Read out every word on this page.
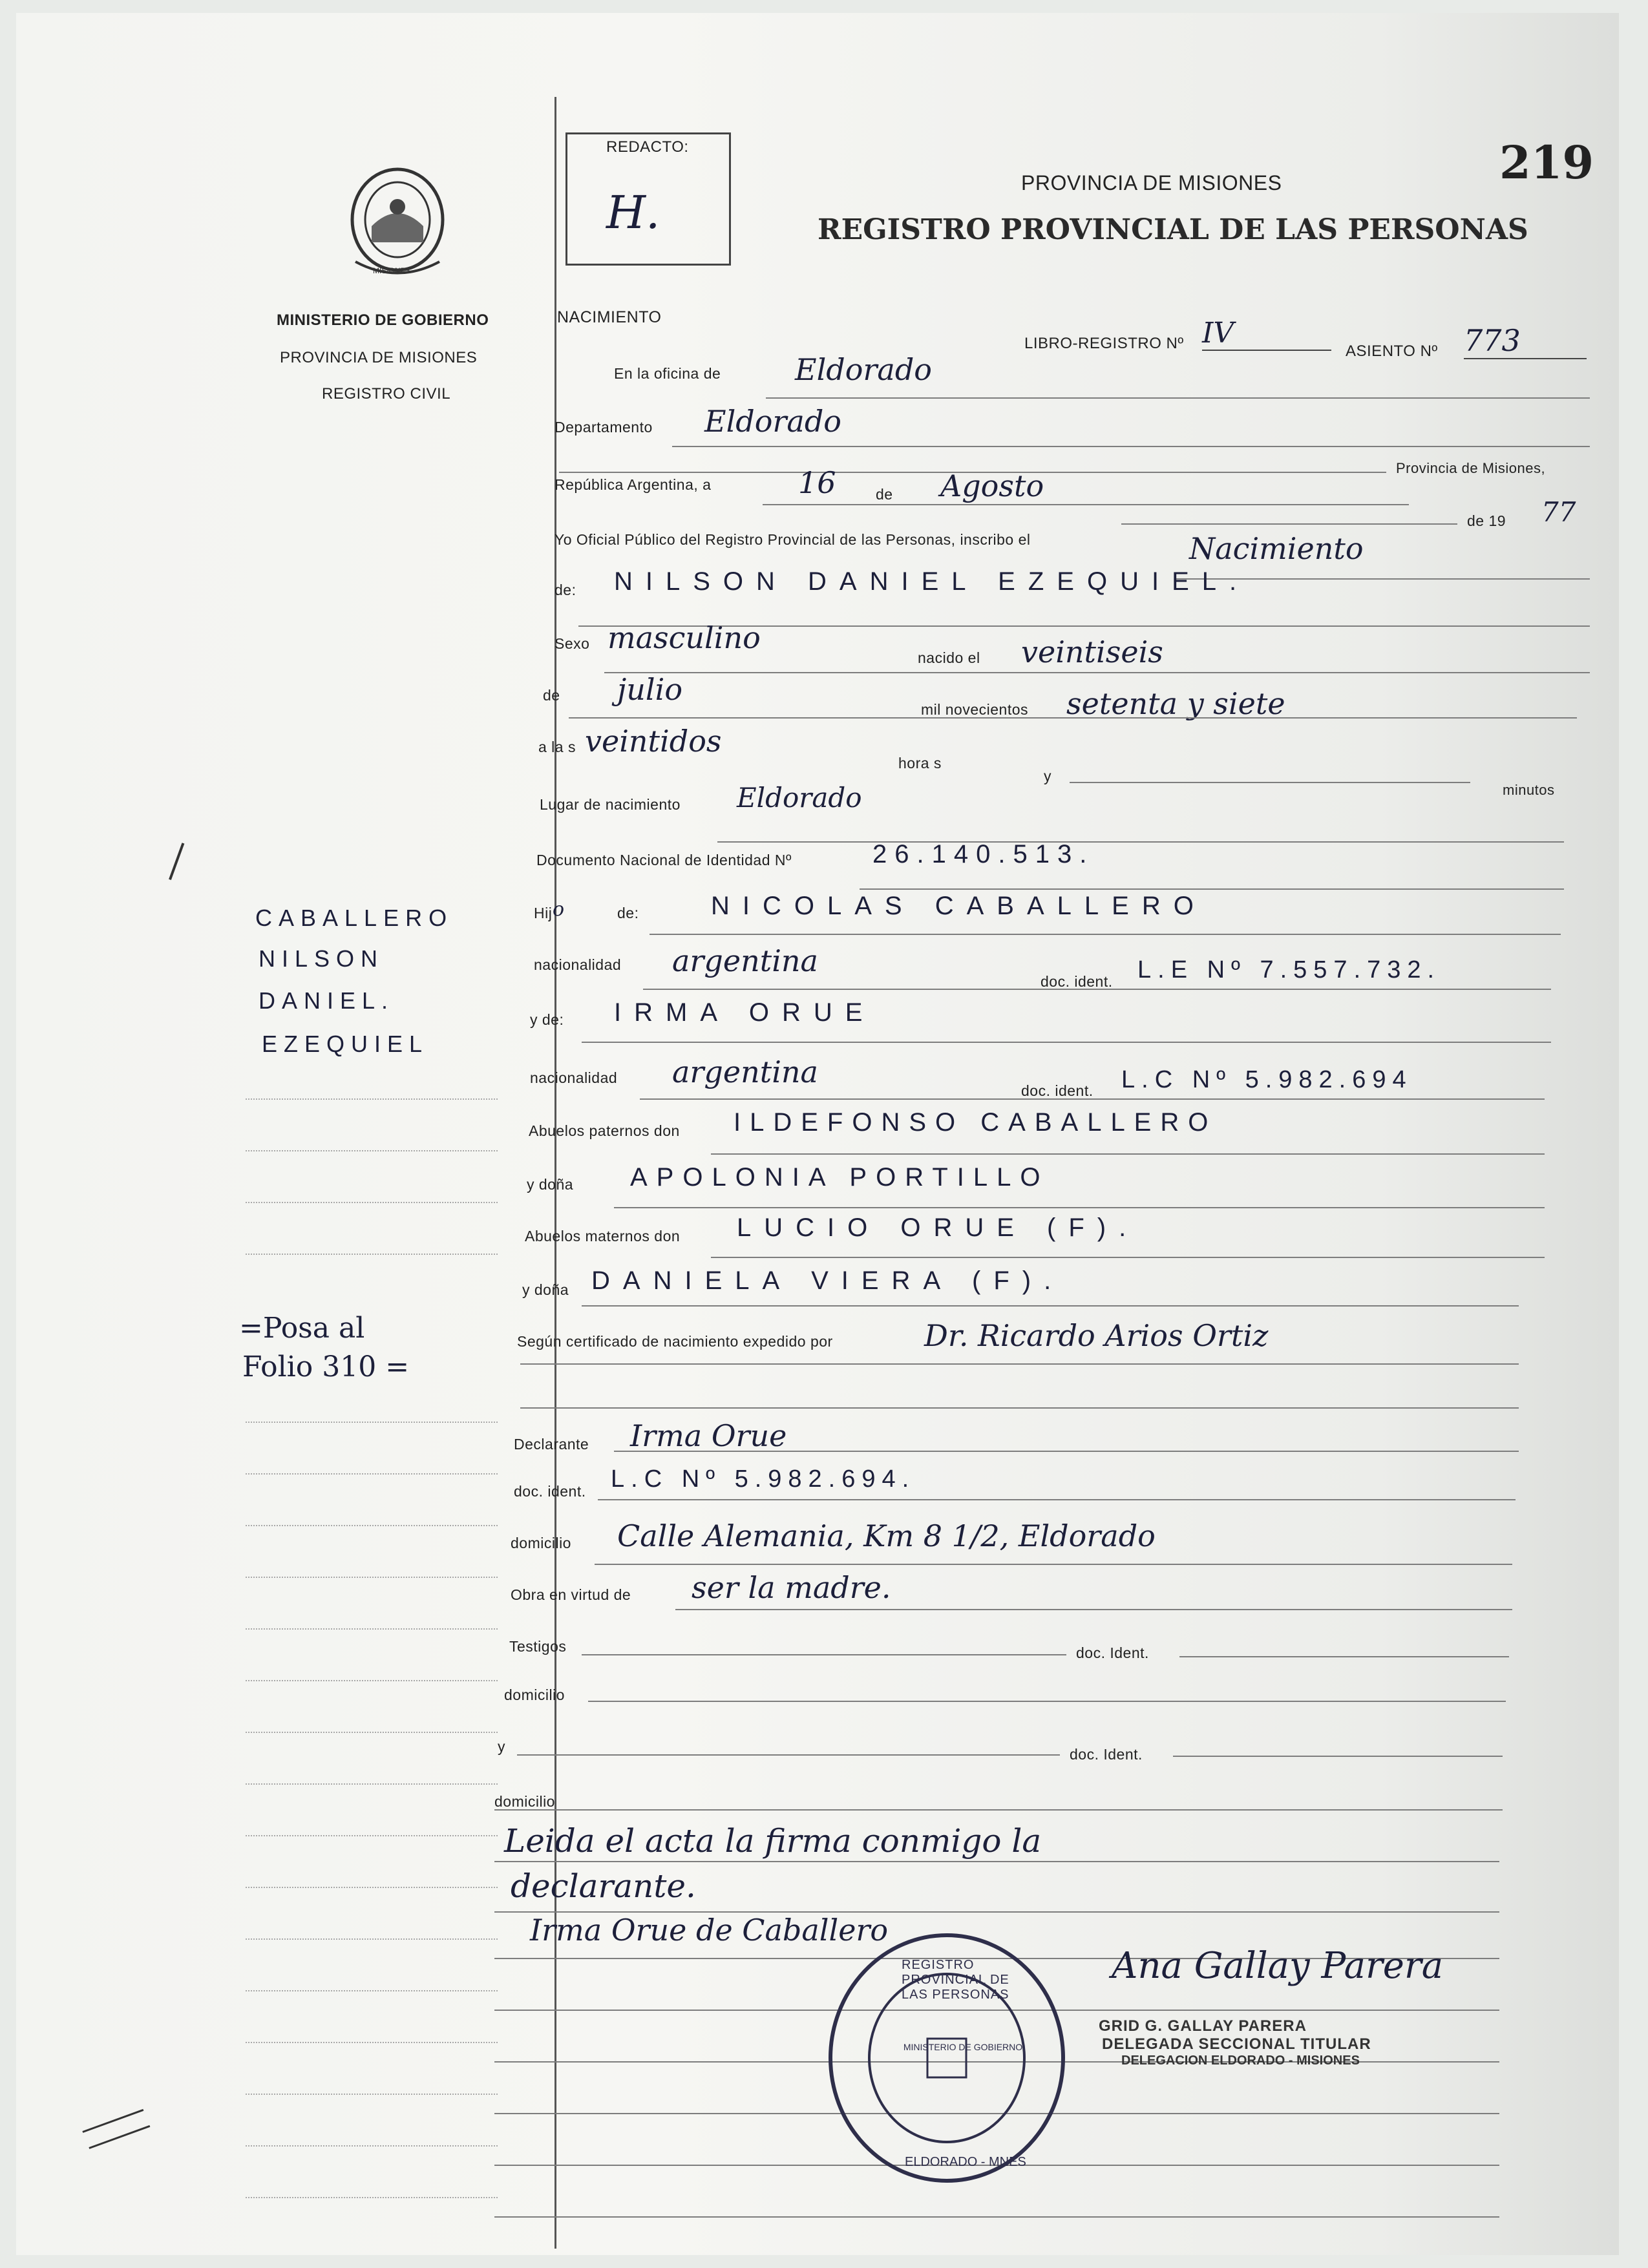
219
REDACTO:
H.
PROVINCIA DE MISIONES
REGISTRO PROVINCIAL DE LAS PERSONAS
MISIONES
MINISTERIO DE GOBIERNO
PROVINCIA DE MISIONES
REGISTRO CIVIL
NACIMIENTO
LIBRO-REGISTRO Nº IV
ASIENTO Nº 773
En la oficina de Eldorado
Departamento Eldorado
Provincia de Misiones,
República Argentina, a	16	de Agosto
de 19 77
Yo Oficial Público del Registro Provincial de las Personas, inscribo el	Nacimiento
de: NILSON DANIEL EZEQUIEL.
Sexo masculino
nacido el veintiseis
de julio
mil novecientos setenta y siete
a la s veintidos
hora s
y
minutos
Lugar de nacimiento Eldorado
Documento Nacional de Identidad Nº	26.140.513.
Hij o	de:	NICOLAS CABALLERO
nacionalidad argentina
doc. ident. L.E Nº 7.557.732.
y de: IRMA ORUE
nacionalidad argentina
doc. ident. L.C Nº 5.982.694
Abuelos paternos don ILDEFONSO CABALLERO
y doña APOLONIA PORTILLO
Abuelos maternos don LUCIO ORUE (F).
y doña DANIELA VIERA (F).
Según certificado de nacimiento expedido por	Dr. Ricardo Arios Ortiz
Declarante Irma Orue
doc. ident. L.C Nº 5.982.694.
domicilio Calle Alemania, Km 8 1/2, Eldorado
Obra en virtud de ser la madre.
Testigos	doc. Ident.
domicilio
y	doc. Ident.
domicilio
Leida el acta la firma conmigo la
declarante.
Irma Orue de Caballero
REGISTRO PROVINCIAL DE LAS PERSONAS
MINISTERIO DE GOBIERNO
ELDORADO - MNES
Ana Gallay Parera
GRID G. GALLAY PARERA
DELEGADA SECCIONAL TITULAR
DELEGACION ELDORADO - MISIONES
CABALLERO
NILSON
DANIEL.
EZEQUIEL
=Posa al
Folio 310 =
